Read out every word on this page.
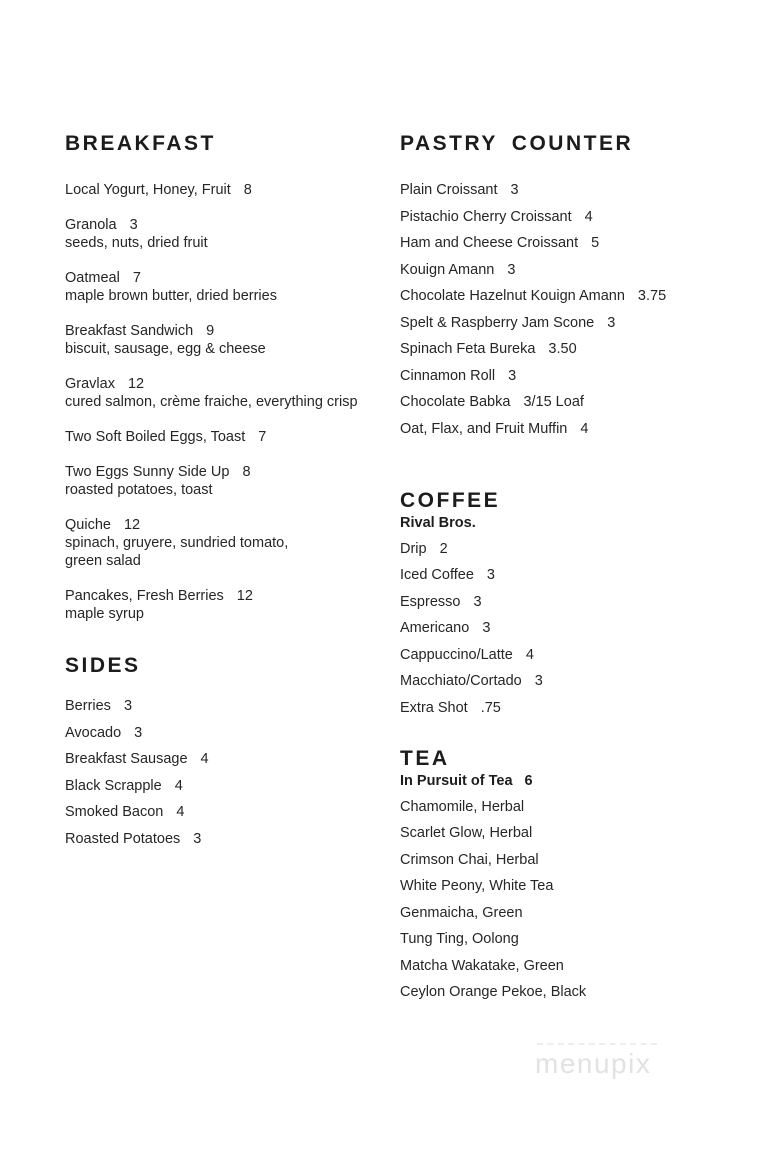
BREAKFAST
Local Yogurt, Honey, Fruit 8
Granola 3
seeds, nuts, dried fruit
Oatmeal 7
maple brown butter, dried berries
Breakfast Sandwich 9
biscuit, sausage, egg & cheese
Gravlax 12
cured salmon, crème fraiche, everything crisp
Two Soft Boiled Eggs, Toast 7
Two Eggs Sunny Side Up 8
roasted potatoes, toast
Quiche 12
spinach, gruyere, sundried tomato,
green salad
Pancakes, Fresh Berries 12
maple syrup
SIDES
Berries 3
Avocado 3
Breakfast Sausage 4
Black Scrapple 4
Smoked Bacon 4
Roasted Potatoes 3
PASTRY COUNTER
Plain Croissant 3
Pistachio Cherry Croissant 4
Ham and Cheese Croissant 5
Kouign Amann 3
Chocolate Hazelnut Kouign Amann 3.75
Spelt & Raspberry Jam Scone 3
Spinach Feta Bureka 3.50
Cinnamon Roll 3
Chocolate Babka 3/15 Loaf
Oat, Flax, and Fruit Muffin 4
COFFEE
Rival Bros.
Drip 2
Iced Coffee 3
Espresso 3
Americano 3
Cappuccino/Latte 4
Macchiato/Cortado 3
Extra Shot .75
TEA
In Pursuit of Tea 6
Chamomile, Herbal
Scarlet Glow, Herbal
Crimson Chai, Herbal
White Peony, White Tea
Genmaicha, Green
Tung Ting, Oolong
Matcha Wakatake, Green
Ceylon Orange Pekoe, Black
menupix
